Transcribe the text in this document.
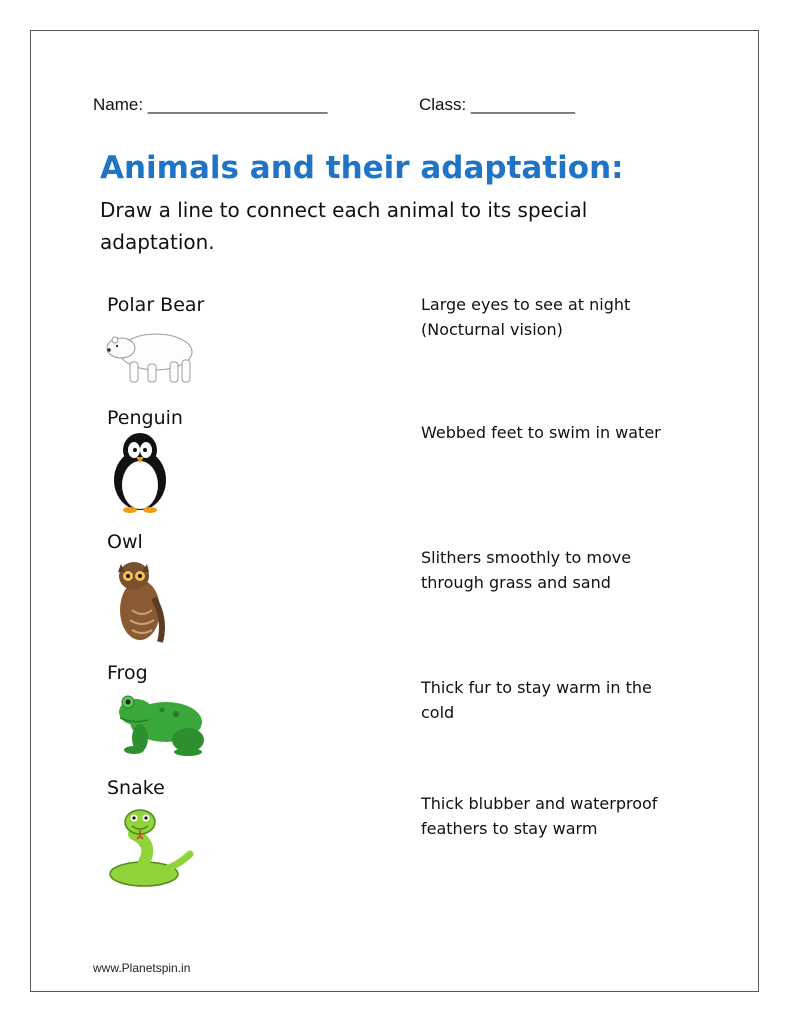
Name: ___________________	Class: ___________
Animals and their adaptation:

Draw a line to connect each animal to its special adaptation.

Polar Bear
Penguin
Owl
Frog
Snake
Large eyes to see at night
(Nocturnal vision)
Webbed feet to swim in water
Slithers smoothly to move
through grass and sand
Thick fur to stay warm in the
cold
Thick blubber and waterproof
feathers to stay warm
www.Planetspin.in
